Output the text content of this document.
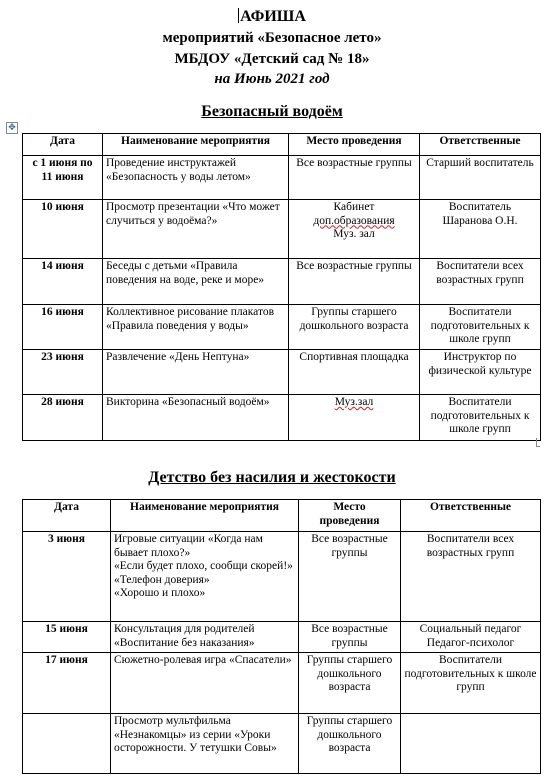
АФИША
мероприятий «Безопасное лето»
МБДОУ «Детский сад № 18»
на Июнь 2021 год
Безопасный водоём
✥
Дата	Наименование мероприятия	Место проведения	Ответственные
с 1 июня по 11 июня	Проведение инструктажей «Безопасность у воды летом»	Все возрастные группы	Старший воспитатель
10 июня	Просмотр презентации «Что может случиться у водоёма?»	Кабинет
доп.образования
Муз. зал	Воспитатель Шаранова О.Н.
14 июня	Беседы с детьми «Правила поведения на воде, реке и море»	Все возрастные группы	Воспитатели всех возрастных групп
16 июня	Коллективное рисование плакатов «Правила поведения у воды»	Группы старшего дошкольного возраста	Воспитатели подготовительных к школе групп
23 июня	Развлечение «День Нептуна»	Спортивная площадка	Инструктор по физической культуре
28 июня	Викторина «Безопасный водоём»	Муз.зал	Воспитатели подготовительных к школе групп
Детство без насилия и жестокости
Дата	Наименование мероприятия	Место проведения	Ответственные
3 июня	Игровые ситуации «Когда нам бывает плохо?»
«Если будет плохо, сообщи скорей!»
«Телефон доверия»
«Хорошо и плохо»	Все возрастные группы	Воспитатели всех возрастных групп
15 июня	Консультация для родителей «Воспитание без наказания»	Все возрастные группы	Социальный педагог
Педагог-психолог

17 июня	Сюжетно-ролевая игра «Спасатели»	Группы старшего дошкольного возраста	Воспитатели подготовительных к школе групп
	Просмотр мультфильма «Незнакомцы» из серии «Уроки осторожности. У тетушки Совы»	Группы старшего дошкольного возраста	
